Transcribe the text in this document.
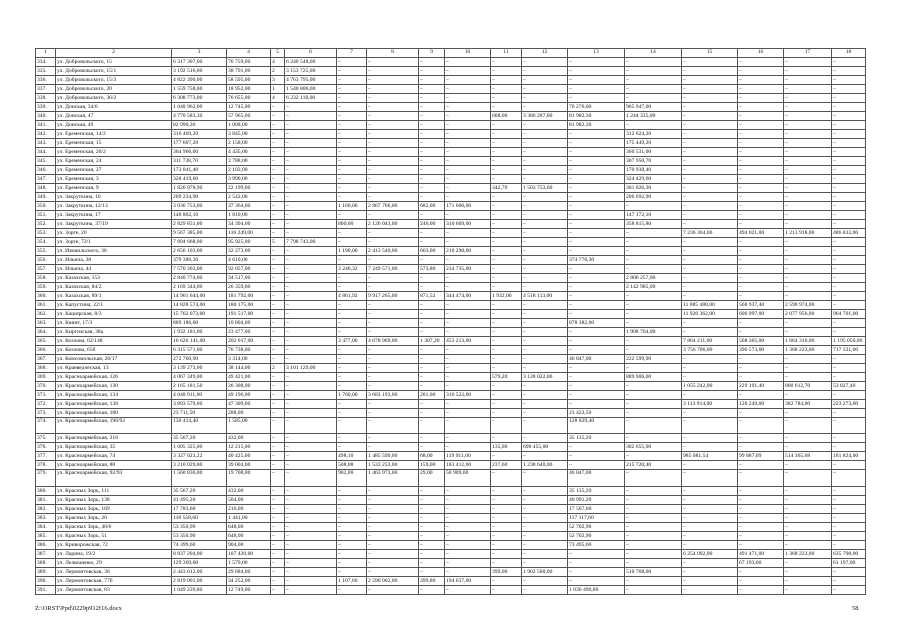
1	2	3	4	5	6	7	8	9	10	11	12	13	14	15	16	17	18
334.	ул. Добровольского, 15	6 317 307,00	76 759,00	4	6 240 548,00	–	–	–	–	–	–	–	–	–	–	–	–
335.	ул. Добровольского, 15/1	3 192 516,00	38 791,00	2	3 153 725,00	–	–	–	–	–	–	–	–	–	–	–	–
336.	ул. Добровольского, 15/3	4 822 390,00	58 595,00	3	4 763 795,00	–	–	–	–	–	–	–	–	–	–	–	–
337.	ул. Добровольского, 20	1 559 758,00	18 952,00	1	1 540 806,00	–	–	–	–	–	–	–	–	–	–	–	–
338.	ул. Добровольского, 36/2	6 308 773,00	76 655,00	4	6 232 118,00	–	–	–	–	–	–	–	–	–	–	–	–
339.	ул. Донская, 34/6	1 048 962,00	12 745,00	–	–	–	–	–	–	–	–	70 270,00	965 947,00	–	–	–	–
340.	ул. Донская, 47	4 770 583,30	57 965,00	–	–	–	–	–	–	608,00	3 386 287,00	81 982,30	1 244 335,00	–	–	–	–
341.	ул. Донская, 49	82 990,30	1 008,00	–	–	–	–	–	–	–	–	81 982,30	–	–	–	–	–
342.	ул. Еременская, 14/2	316 469,20	3 845,00	–	–	–	–	–	–	–	–	–	312 624,20	–	–	–	–
343.	ул. Еременская, 15	177 607,20	2 158,00	–	–	–	–	–	–	–	–	–	175 449,20	–	–	–	–
344.	ул. Еременская, 20/2	364 966,00	4 435,00	–	–	–	–	–	–	–	–	–	360 531,00	–	–	–	–
345.	ул. Еременская, 24	311 738,70	3 788,00	–	–	–	–	–	–	–	–	–	307 950,70	–	–	–	–
346.	ул. Еременская, 27	173 041,40	2 103,00	–	–	–	–	–	–	–	–	–	170 938,40	–	–	–	–
347.	ул. Еременская, 3	328 419,60	3 990,00	–	–	–	–	–	–	–	–	–	324 429,60	–	–	–	–
348.	ул. Еременская, 9	1 826 978,90	22 199,00	–	–	–	–	–	–	342,70	1 503 753,60	–	301 026,30	–	–	–	–
349.	ул. Закруткина, 10	209 234,90	2 542,00	–	–	–	–	–	–	–	–	–	206 692,90	–	–	–	–
350.	ул. Закруткина, 12/13	3 036 753,00	37 364,00	–	–	1 160,00	2 867 766,00	682,00	171 606,00	–	–	–	–	–	–	–	–
351.	ул. Закруткина, 17	148 862,10	1 810,00	–	–	–	–	–	–	–	–	–	147 172,10	–	–	–	–
352.	ул. Закруткина, 37/19	2 829 851,00	34 394,00	–	–	800,00	2 126 043,00	246,00	310 609,00	–	–	–	358 815,80	–	–	–	–
353.	ул. Зорге, 20	9 567 385,00	116 249,00	–	–	–	–	–	–	–	–	–	–	7 236 364,00	494 021,00	1 213 918,00	486 833,00
354.	ул. Зорге, 72/1	7 894 668,00	95 925,00	5	7 798 743,00	–	–	–	–	–	–	–	–	–	–	–	–
355.	ул. Измаильского, 36	2 656 103,00	32 273,00	–	–	1 190,00	2 413 540,00	663,00	210 290,00	–	–	–	–	–	–	–	–
356.	ул. Ильича, 38	379 386,30	4 610,00	–	–	–	–	–	–	–	–	374 776,30	–	–	–	–	–
357.	ул. Ильича, 44	7 576 363,00	92 057,00	–	–	3 246,32	7 249 571,00	573,80	234 735,00	–	–	–	–	–	–	–	–
358.	ул. Казахская, 153	2 840 774,00	34 517,00	–	–	–	–	–	–	–	–	–	2 806 257,00	–	–	–	–
359.	ул. Казахская, 84/2	2 169 344,00	26 359,00	–	–	–	–	–	–	–	–	–	2 142 985,00	–	–	–	–
360.	ул. Казахская, 89/1	14 961 644,00	181 792,00	–	–	4 861,92	9 917 265,00	871,52	344 474,00	1 932,00	4 518 113,00	–	–	–	–	–	–
361.	ул. Капустина, 22/1	14 828 574,00	180 175,00	–	–	–	–	–	–	–	–	–	–	11 085 488,00	568 937,40	2 590 974,00	–
362.	ул. Каширская, 8/3	15 762 073,00	191 517,00	–	–	–	–	–	–	–	–	–	–	11 920 362,00	606 997,00	2 077 956,00	964 701,00
363.	ул. Квинт, 17/3	889 186,00	10 804,00	–	–	–	–	–	–	–	–	878 382,00	–	–	–	–	–
364.	ул. Киргизская, 38а	1 932 181,00	23 477,00	–	–	–	–	–	–	–	–	–	1 908 704,00	–	–	–	–
365.	ул. Козлова, 62/148	16 626 141,00	202 017,00	–	–	3 477,00	4 678 969,00	1 307,20	453 213,00	–	–	–	–	7 864 211,00	568 365,00	1 664 316,00	1 195 050,00
366.	ул. Козлова, 65б	6 315 571,00	76 738,00	–	–	–	–	–	–	–	–	–	–	3 756 706,00	396 573,00	1 368 223,00	717 331,00
367.	ул. Комсомольская, 26/17	272 760,90	3 314,00	–	–	–	–	–	–	–	–	46 847,00	222 599,90	–	–	–	–
368.	ул. Краеведческая, 13	3 139 273,00	38 144,00	2	3 101 129,00	–	–	–	–	–	–	–	–	–	–	–	–
369.	ул. Красноармейская, 126	4 067 349,00	49 421,00	–	–	–	–	–	–	579,20	3 128 022,00	–	889 906,00	–	–	–	–
370.	ул. Красноармейская, 130	2 165 181,50	26 308,00	–	–	–	–	–	–	–	–	–	–	1 055 242,00	229 191,40	800 612,70	53 827,40
371.	ул. Красноармейская, 134	4 048 911,00	49 196,00	–	–	1 760,00	3 683 193,00	201,00	316 522,00	–	–	–	–	–	–	–	–
372.	ул. Красноармейская, 138	3 893 579,00	47 309,00	–	–	–	–	–	–	–	–	–	–	3 113 914,00	126 249,00	382 784,00	223 273,00
373.	ул. Красноармейская, 180	23 711,50	288,00	–	–	–	–	–	–	–	–	23 423,50	–	–	–	–	–
374.	ул. Красноармейская, 196/92	130 414,40	1 585,00	–	–	–	–	–	–	–	–	128 829,40	–	–	–	–	–
375.	ул. Красноармейская, 216	35 567,20	432,00	–	–	–	–	–	–	–	–	35 135,20	–	–	–	–	–
376.	ул. Красноармейская, 35	1 005 325,00	12 215,00	–	–	–	–	–	–	135,00	690 455,00	–	302 655,00	–	–	–	–
377.	ул. Красноармейская, 74	3 327 023,22	40 425,00	–	–	498,10	1 485 599,00	68,00	119 911,00	–	–	–	–	985 081,54	99 887,09	514 365,68	181 824,00
378.	ул. Красноармейская, 88	3 210 029,80	39 004,00	–	–	508,08	1 533 253,00	159,00	183 412,00	237,60	1 238 640,00	–	215 720,40	–	–	–	–
379.	ул. Красноармейская, 92/93	1 560 836,00	19 708,00	–	–	902,00	1 463 972,00	29,00	50 909,00	–	–	46 847,00	–	–	–	–	–
380.	ул. Красных Зорь, 111	35 567,20	432,00	–	–	–	–	–	–	–	–	35 135,20	–	–	–	–	–
381.	ул. Красных Зорь, 138	41 495,20	504,00	–	–	–	–	–	–	–	–	40 991,20	–	–	–	–	–
382.	ул. Красных Зорь, 169	17 783,60	216,00	–	–	–	–	–	–	–	–	17 567,60	–	–	–	–	–
383.	ул. Красных Зорь, 20	118 558,60	1 441,00	–	–	–	–	–	–	–	–	117 117,60	–	–	–	–	–
384.	ул. Красных Зорь, 40/6	53 350,90	648,00	–	–	–	–	–	–	–	–	52 702,90	–	–	–	–	–
385.	ул. Красных Зорь, 51	53 350,90	648,00	–	–	–	–	–	–	–	–	52 702,90	–	–	–	–	–
386.	ул. Криворожская, 72	74 399,60	904,00	–	–	–	–	–	–	–	–	73 495,60	–	–	–	–	–
387.	ул. Ларина, 19/2	8 837 204,00	107 420,00	–	–	–	–	–	–	–	–	–	–	6 254 092,00	491 471,00	1 368 223,00	635 798,00
388.	ул. Лелюшенко, 29	129 369,00	1 579,00	–	–	–	–	–	–	–	–	–	–	–	67 193,00	–	61 197,00
389.	ул. Лермонтовская, 38	2 443 012,00	29 684,00	–	–	–	–	–	–	399,00	1 902 560,00	–	510 768,00	–	–	–	–
390.	ул. Лермонтовская, 77б	2 819 001,00	34 252,00	–	–	1 107,60	2 590 002,00	399,80	194 637,00	–	–	–	–	–	–	–	–
391.	ул. Лермонтовская, 83	1 049 239,80	12 749,00	–	–	–	–	–	–	–	–	1 036 490,80	–	–	–	–	–
Z:\ORST\Ppd\0229p912f16.docx	58
